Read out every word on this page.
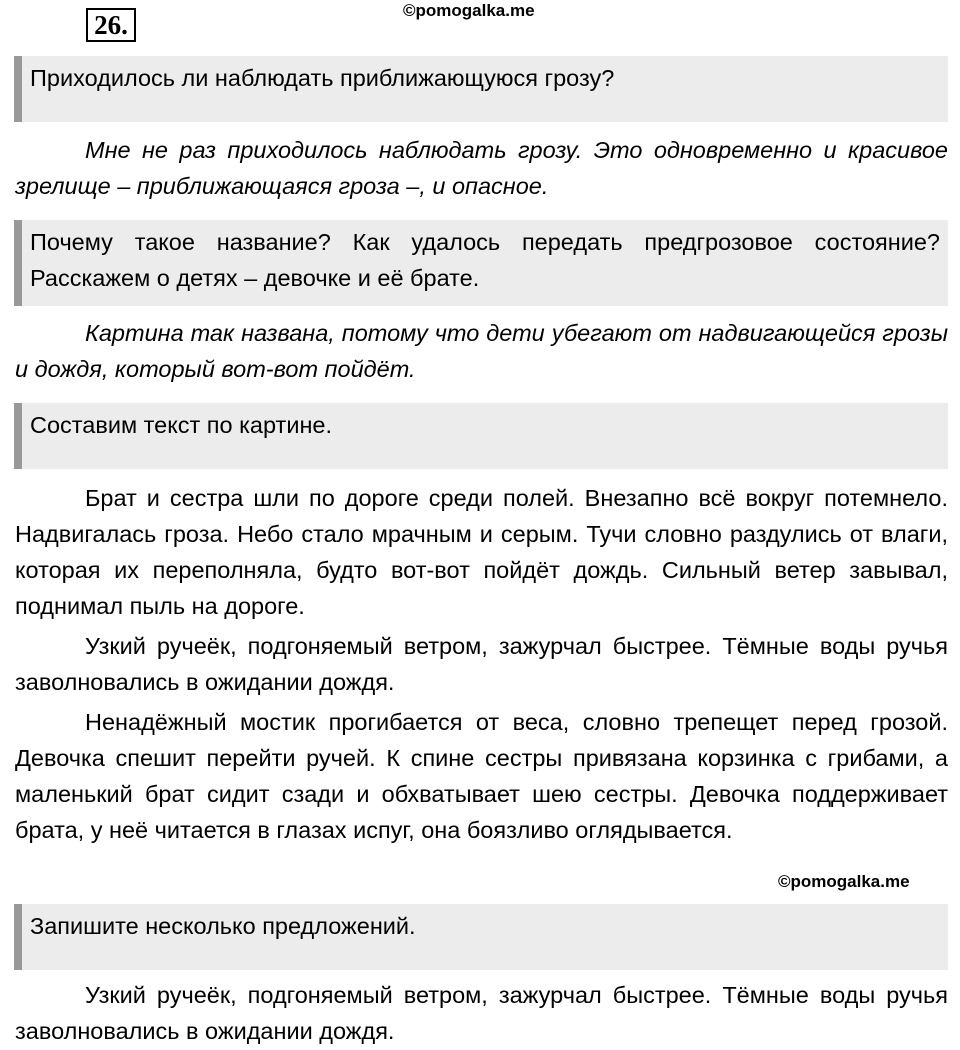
26.	©pomogalka.me
Приходилось ли наблюдать приближающуюся грозу?
Мне не раз приходилось наблюдать грозу. Это одновременно и красивое зрелище – приближающаяся гроза –, и опасное.
Почему такое название? Как удалось передать предгрозовое состояние? Расскажем о детях – девочке и её брате.
Картина так названа, потому что дети убегают от надвигающейся грозы и дождя, который вот-вот пойдёт.
Составим текст по картине.
Брат и сестра шли по дороге среди полей. Внезапно всё вокруг потемнело. Надвигалась гроза. Небо стало мрачным и серым. Тучи словно раздулись от влаги, которая их переполняла, будто вот-вот пойдёт дождь. Сильный ветер завывал, поднимал пыль на дороге.
Узкий ручеёк, подгоняемый ветром, зажурчал быстрее. Тёмные воды ручья заволновались в ожидании дождя.
Ненадёжный мостик прогибается от веса, словно трепещет перед грозой. Девочка спешит перейти ручей. К спине сестры привязана корзинка с грибами, а маленький брат сидит сзади и обхватывает шею сестры. Девочка поддерживает брата, у неё читается в глазах испуг, она боязливо оглядывается.
©pomogalka.me
Запишите несколько предложений.
Узкий ручеёк, подгоняемый ветром, зажурчал быстрее. Тёмные воды ручья заволновались в ожидании дождя.
